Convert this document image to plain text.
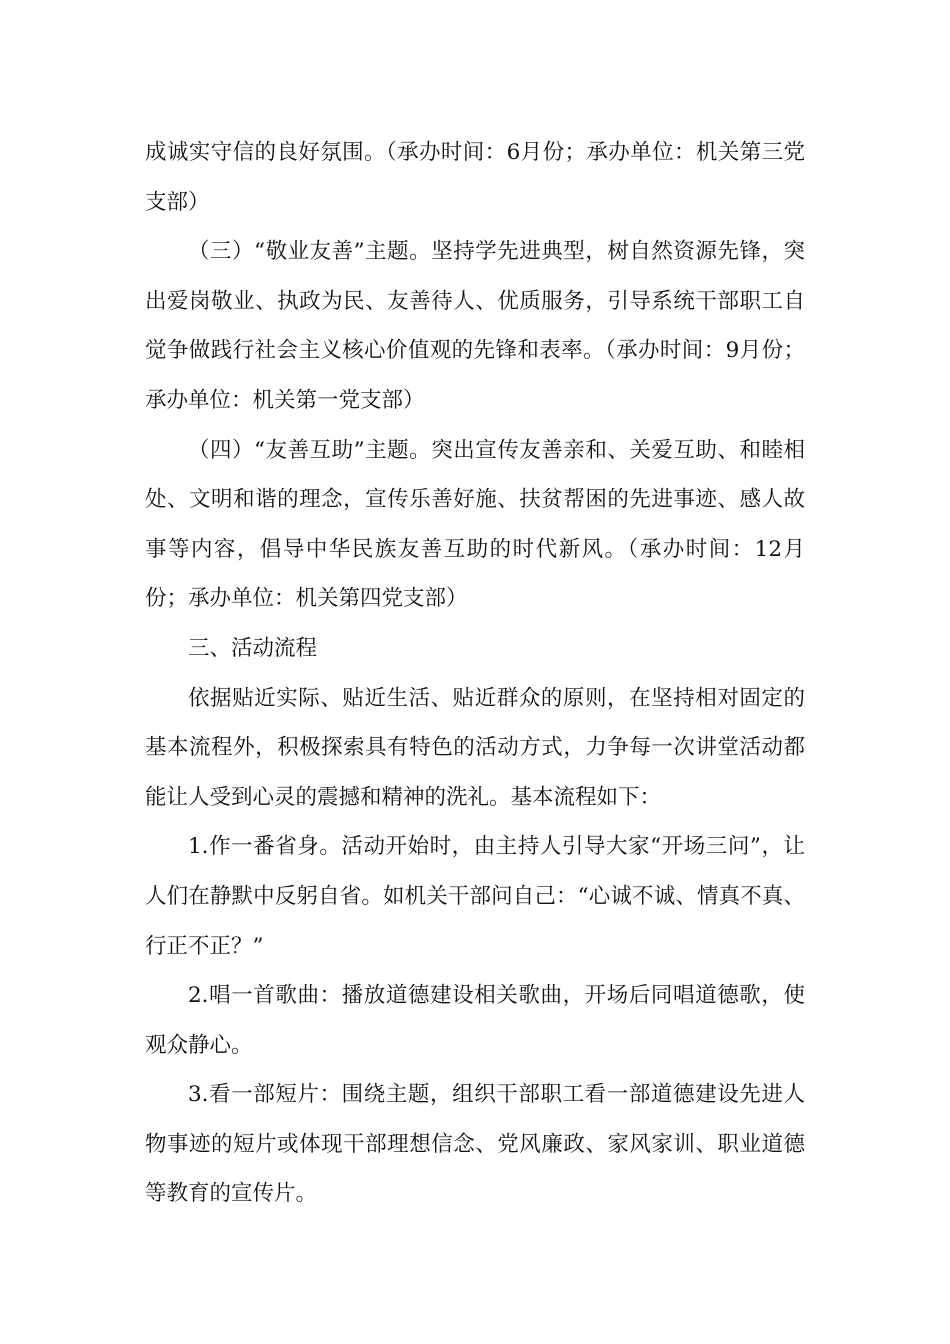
成诚实守信的良好氛围。（承办时间：6月份；承办单位：机关第三党支部）

（三）“敬业友善”主题。坚持学先进典型，树自然资源先锋，突出爱岗敬业、执政为民、友善待人、优质服务，引导系统干部职工自觉争做践行社会主义核心价值观的先锋和表率。（承办时间：9月份；承办单位：机关第一党支部）

（四）“友善互助”主题。突出宣传友善亲和、关爱互助、和睦相处、文明和谐的理念，宣传乐善好施、扶贫帮困的先进事迹、感人故事等内容，倡导中华民族友善互助的时代新风。（承办时间：12月份；承办单位：机关第四党支部）

三、活动流程

依据贴近实际、贴近生活、贴近群众的原则，在坚持相对固定的基本流程外，积极探索具有特色的活动方式，力争每一次讲堂活动都能让人受到心灵的震撼和精神的洗礼。基本流程如下：

1.作一番省身。活动开始时，由主持人引导大家“开场三问”，让人们在静默中反躬自省。如机关干部问自己：“心诚不诚、情真不真、行正不正？”

2.唱一首歌曲：播放道德建设相关歌曲，开场后同唱道德歌，使观众静心。

3.看一部短片：围绕主题，组织干部职工看一部道德建设先进人物事迹的短片或体现干部理想信念、党风廉政、家风家训、职业道德等教育的宣传片。
